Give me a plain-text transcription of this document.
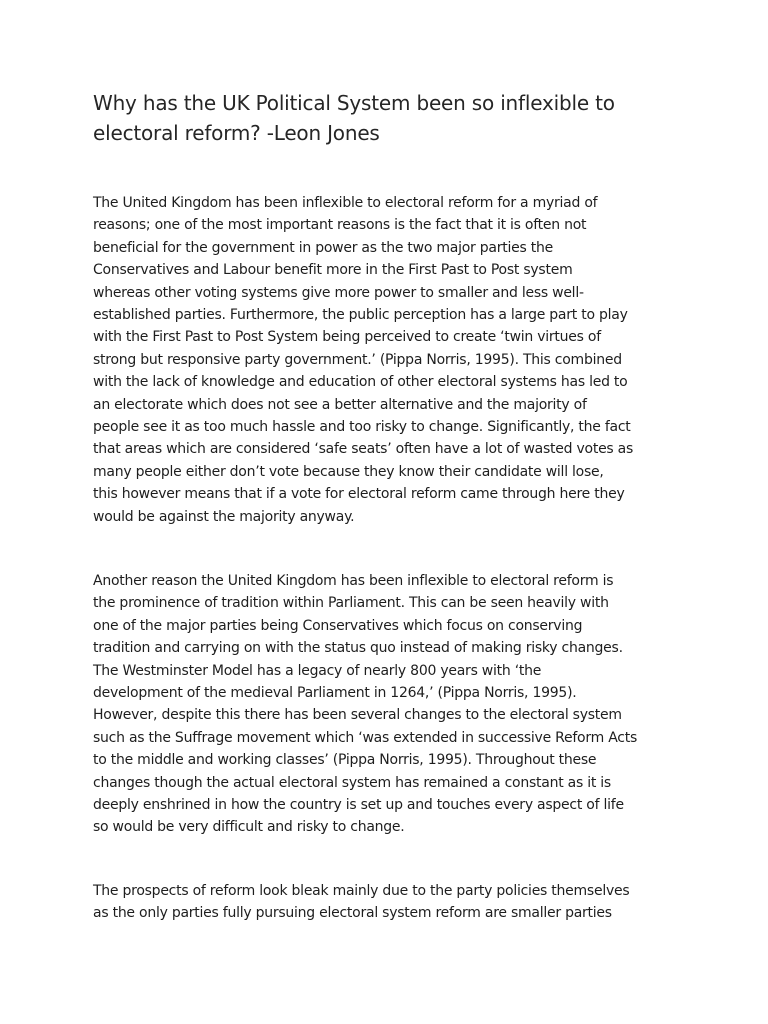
Why has the UK Political System been so inflexible to
electoral reform? -Leon Jones
The United Kingdom has been inflexible to electoral reform for a myriad of
reasons; one of the most important reasons is the fact that it is often not
beneficial for the government in power as the two major parties the
Conservatives and Labour benefit more in the First Past to Post system
whereas other voting systems give more power to smaller and less well-
established parties. Furthermore, the public perception has a large part to play
with the First Past to Post System being perceived to create ‘twin virtues of
strong but responsive party government.’ (Pippa Norris, 1995). This combined
with the lack of knowledge and education of other electoral systems has led to
an electorate which does not see a better alternative and the majority of
people see it as too much hassle and too risky to change. Significantly, the fact
that areas which are considered ‘safe seats’ often have a lot of wasted votes as
many people either don’t vote because they know their candidate will lose,
this however means that if a vote for electoral reform came through here they
would be against the majority anyway.
Another reason the United Kingdom has been inflexible to electoral reform is
the prominence of tradition within Parliament. This can be seen heavily with
one of the major parties being Conservatives which focus on conserving
tradition and carrying on with the status quo instead of making risky changes.
The Westminster Model has a legacy of nearly 800 years with ‘the
development of the medieval Parliament in 1264,’ (Pippa Norris, 1995).
However, despite this there has been several changes to the electoral system
such as the Suffrage movement which ‘was extended in successive Reform Acts
to the middle and working classes’ (Pippa Norris, 1995). Throughout these
changes though the actual electoral system has remained a constant as it is
deeply enshrined in how the country is set up and touches every aspect of life
so would be very difficult and risky to change.
The prospects of reform look bleak mainly due to the party policies themselves
as the only parties fully pursuing electoral system reform are smaller parties
